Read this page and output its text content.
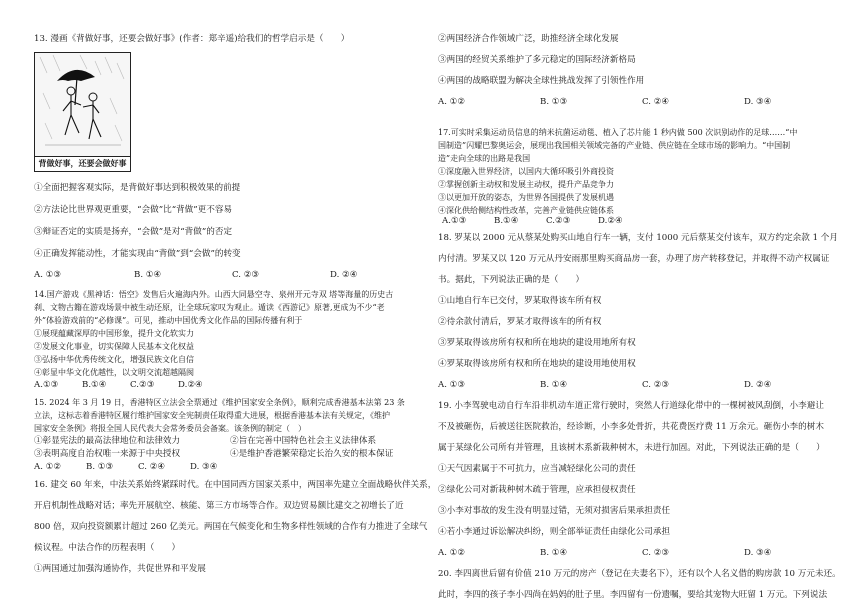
13. 漫画《背做好事，还要会做好事》(作者：郑辛遥)给我们的哲学启示是（　　）
背做好事，还要会做好事
①全面把握客观实际，是背做好事达到积极效果的前提
②方法论比世界观更重要，“会做”比“背做”更不容易
③辩证否定的实质是扬弃，“会做”是对“背做”的否定
④正确发挥能动性，才能实现由“背做”到“会做”的转变
A. ①③	B. ①④	C. ②③	D. ②④
14.国产游戏《黑神话：悟空》发售后火遍海内外。山西大同悬空寺、泉州开元寺双 塔等海量的历史古
刹、文物古籍在游戏场景中被生动还原，让全球玩家叹为观止。遁读《西游记》原著,更成为不少“老
外”体验游戏前的“必修课”。可见，推动中国优秀文化作品的国际传播有利于
①展现蕴藏深厚的中国形象，提升文化软实力
②发展文化事业，切实保障人民基本文化权益
③弘扬中华优秀传统文化，增强民族文化自信
④彰显中华文化优越性，以文明交流超越隔阂
A.①③	B.①④	C.②③	D.②④
15. 2024 年 3 月 19 日，香港特区立法会全票通过《维护国家安全条例》，顺利完成香港基本法第 23 条
立法，这标志着香港特区履行维护国家安全宪制责任取得重大进展，根据香港基本法有关规定，《维护
国家安全条例》将报全国人民代表大会常务委员会备案。该条例的制定（　）
①彰显宪法的最高法律地位和法律效力	②旨在完善中国特色社会主义法律体系
③表明高度自治权唯一来源于中央授权	④是维护香港繁荣稳定长治久安的根本保证
A. ①②	B. ①③	C. ②④	D. ③④
16. 建交 60 年来，中法关系始终紧踩时代。在中国同西方国家关系中，两国率先建立全面战略伙伴关系，
开启机制性战略对话；率先开展航空、核能、第三方市场等合作。双边贸易额比建交之初增长了近
800 倍，双向投资额累计超过 260 亿美元。两国在气候变化和生物多样性领域的合作有力推进了全球气
候议程。中法合作的历程表明（　　）
①两国通过加强沟通协作，共促世界和平发展
②两国经济合作领域广泛，助推经济全球化发展
③两国的经贸关系维护了多元稳定的国际经济新格局
④两国的战略联盟为解决全球性挑战发挥了引领性作用
A. ①②	B. ①③	C. ②④	D. ③④
17.可实时采集运动员信息的纳米抗菌运动毯、植入了芯片能 1 秒内做 500 次识别动作的足球……“中
国制造”闪耀巴黎奥运会，展现出我国相关领域完备的产业链、供应链在全球市场的影响力。“中国制
造”走向全球的出路是我国
①深度融入世界经济，以国内大循环吸引外商投资
②掌握创新主动权和发展主动权，提升产品竞争力
③以更加开放的姿态，为世界各国提供了发展机遇
④深化供给侧结构性改革，完善产业链供应链体系
A.①③	B.①④	C.②③	D.②④
18. 罗某以 2000 元从蔡某处购买山地自行车一辆，支付 1000 元后蔡某交付该车，双方约定余款 1 个月
内付清。罗某又以 120 万元从丹安雨那里购买商品房一套，办理了房产转移登记，并取得不动产权属证
书。据此，下列说法正确的是（　　）
①山地自行车已交付，罗某取得该车所有权
②待余款付清后，罗某才取得该车的所有权
③罗某取得该房所有权和所在地块的建设用地所有权
④罗某取得该房所有权和所在地块的建设用地使用权
A. ①③	B. ①④	C. ②③	D. ②④
19. 小李驾驶电动自行车沿非机动车道正常行驶时，突然人行道绿化带中的一棵树被风刮倒，小李避让
不及被砸伤，后被送往医院救治，经诊断，小李多处骨折，共花费医疗费 11 万余元。砸伤小李的树木
属于某绿化公司所有并管理，且该树木系新栽种树木，未进行加固。对此，下列说法正确的是（　　）
①天气因素属于不可抗力，应当减轻绿化公司的责任
②绿化公司对新栽种树木疏于管理，应承担侵权责任
③小李对事故的发生没有明显过错，无须对损害后果承担责任
④若小李通过诉讼解决纠纷，则全部举证责任由绿化公司承担
A. ①②	B. ①④	C. ②③	D. ③④
20. 李四离世后留有价值 210 万元的房产（登记在夫妻名下），还有以个人名义借的购房款 10 万元未还。
此时，李四的孩子李小四尚在妈妈的肚子里。李四留有一份遗嘱，要给其宠物大旺留 1 万元。下列说法
